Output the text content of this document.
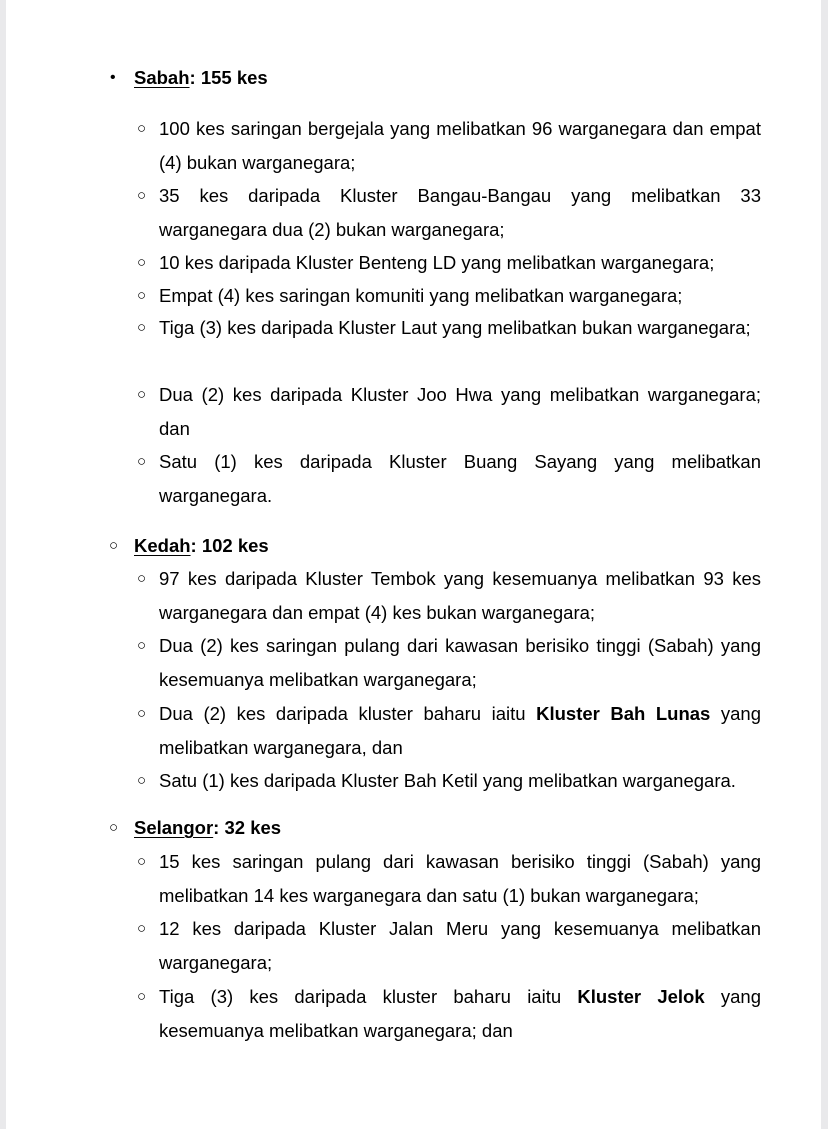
• Sabah: 155 kes
○ 100 kes saringan bergejala yang melibatkan 96 warganegara dan empat (4) bukan warganegara;
○ 35 kes daripada Kluster Bangau-Bangau yang melibatkan 33 warganegara dua (2) bukan warganegara;
○ 10 kes daripada Kluster Benteng LD yang melibatkan warganegara;
○ Empat (4) kes saringan komuniti yang melibatkan warganegara;
○ Tiga (3) kes daripada Kluster Laut yang melibatkan bukan warganegara;
○ Dua (2) kes daripada Kluster Joo Hwa yang melibatkan warganegara; dan
○ Satu (1) kes daripada Kluster Buang Sayang yang melibatkan warganegara.
○ Kedah: 102 kes
○ 97 kes daripada Kluster Tembok yang kesemuanya melibatkan 93 kes warganegara dan empat (4) kes bukan warganegara;
○ Dua (2) kes saringan pulang dari kawasan berisiko tinggi (Sabah) yang kesemuanya melibatkan warganegara;
○ Dua (2) kes daripada kluster baharu iaitu Kluster Bah Lunas yang melibatkan warganegara, dan
○ Satu (1) kes daripada Kluster Bah Ketil yang melibatkan warganegara.
○ Selangor: 32 kes
○ 15 kes saringan pulang dari kawasan berisiko tinggi (Sabah) yang melibatkan 14 kes warganegara dan satu (1) bukan warganegara;
○ 12 kes daripada Kluster Jalan Meru yang kesemuanya melibatkan warganegara;
○ Tiga (3) kes daripada kluster baharu iaitu Kluster Jelok yang kesemuanya melibatkan warganegara; dan
